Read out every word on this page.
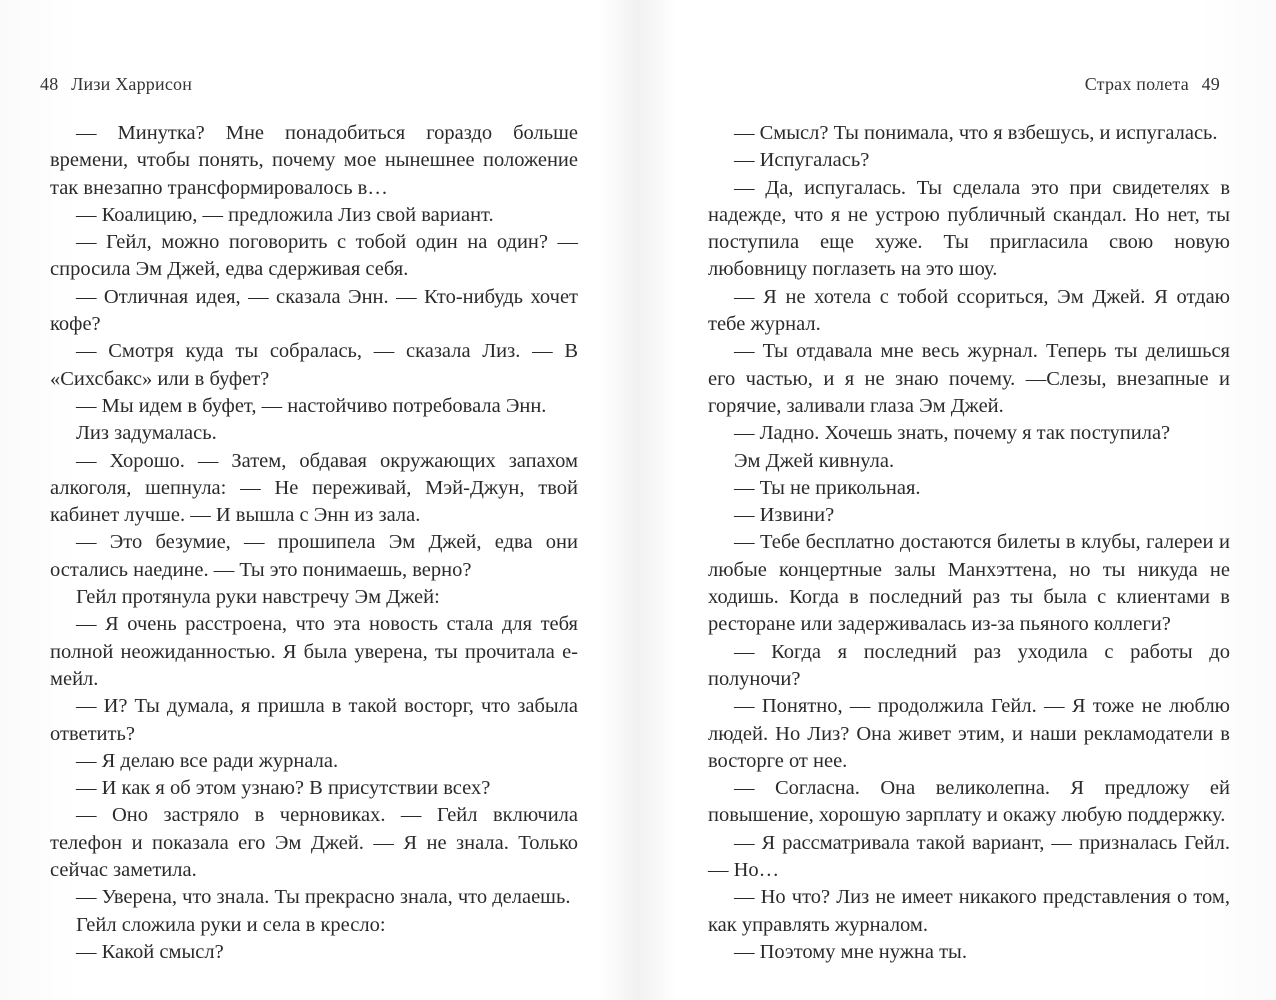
48 Лизи Харрисон

— Минутка? Мне понадобиться гораздо больше времени, чтобы понять, почему мое нынешнее положение так внезапно трансформировалось в…

— Коалицию, — предложила Лиз свой вариант.

— Гейл, можно поговорить с тобой один на один? — спросила Эм Джей, едва сдерживая себя.

— Отличная идея, — сказала Энн. — Кто-нибудь хочет кофе?

— Смотря куда ты собралась, — сказала Лиз. — В «Сихсбакс» или в буфет?

— Мы идем в буфет, — настойчиво потребовала Энн.

Лиз задумалась.

— Хорошо. — Затем, обдавая окружающих запахом алкоголя, шепнула: — Не переживай, Мэй-Джун, твой кабинет лучше. — И вышла с Энн из зала.

— Это безумие, — прошипела Эм Джей, едва они остались наедине. — Ты это понимаешь, верно?

Гейл протянула руки навстречу Эм Джей:

— Я очень расстроена, что эта новость стала для тебя полной неожиданностью. Я была уверена, ты прочитала е-мейл.

— И? Ты думала, я пришла в такой восторг, что забыла ответить?

— Я делаю все ради журнала.

— И как я об этом узнаю? В присутствии всех?

— Оно застряло в черновиках. — Гейл включила телефон и показала его Эм Джей. — Я не знала. Только сейчас заметила.

— Уверена, что знала. Ты прекрасно знала, что делаешь.

Гейл сложила руки и села в кресло:

— Какой смысл?

Страх полета 49

— Смысл? Ты понимала, что я взбешусь, и испугалась.

— Испугалась?

— Да, испугалась. Ты сделала это при свидетелях в надежде, что я не устрою публичный скандал. Но нет, ты поступила еще хуже. Ты пригласила свою новую любовницу поглазеть на это шоу.

— Я не хотела с тобой ссориться, Эм Джей. Я отдаю тебе журнал.

— Ты отдавала мне весь журнал. Теперь ты делишься его частью, и я не знаю почему. —Слезы, внезапные и горячие, заливали глаза Эм Джей.

— Ладно. Хочешь знать, почему я так поступила?

Эм Джей кивнула.

— Ты не прикольная.

— Извини?

— Тебе бесплатно достаются билеты в клубы, галереи и любые концертные залы Манхэттена, но ты никуда не ходишь. Когда в последний раз ты была с клиентами в ресторане или задерживалась из-за пьяного коллеги?

— Когда я последний раз уходила с работы до полуночи?

— Понятно, — продолжила Гейл. — Я тоже не люблю людей. Но Лиз? Она живет этим, и наши рекламодатели в восторге от нее.

— Согласна. Она великолепна. Я предложу ей повышение, хорошую зарплату и окажу любую поддержку.

— Я рассматривала такой вариант, — призналась Гейл. — Но…

— Но что? Лиз не имеет никакого представления о том, как управлять журналом.

— Поэтому мне нужна ты.
